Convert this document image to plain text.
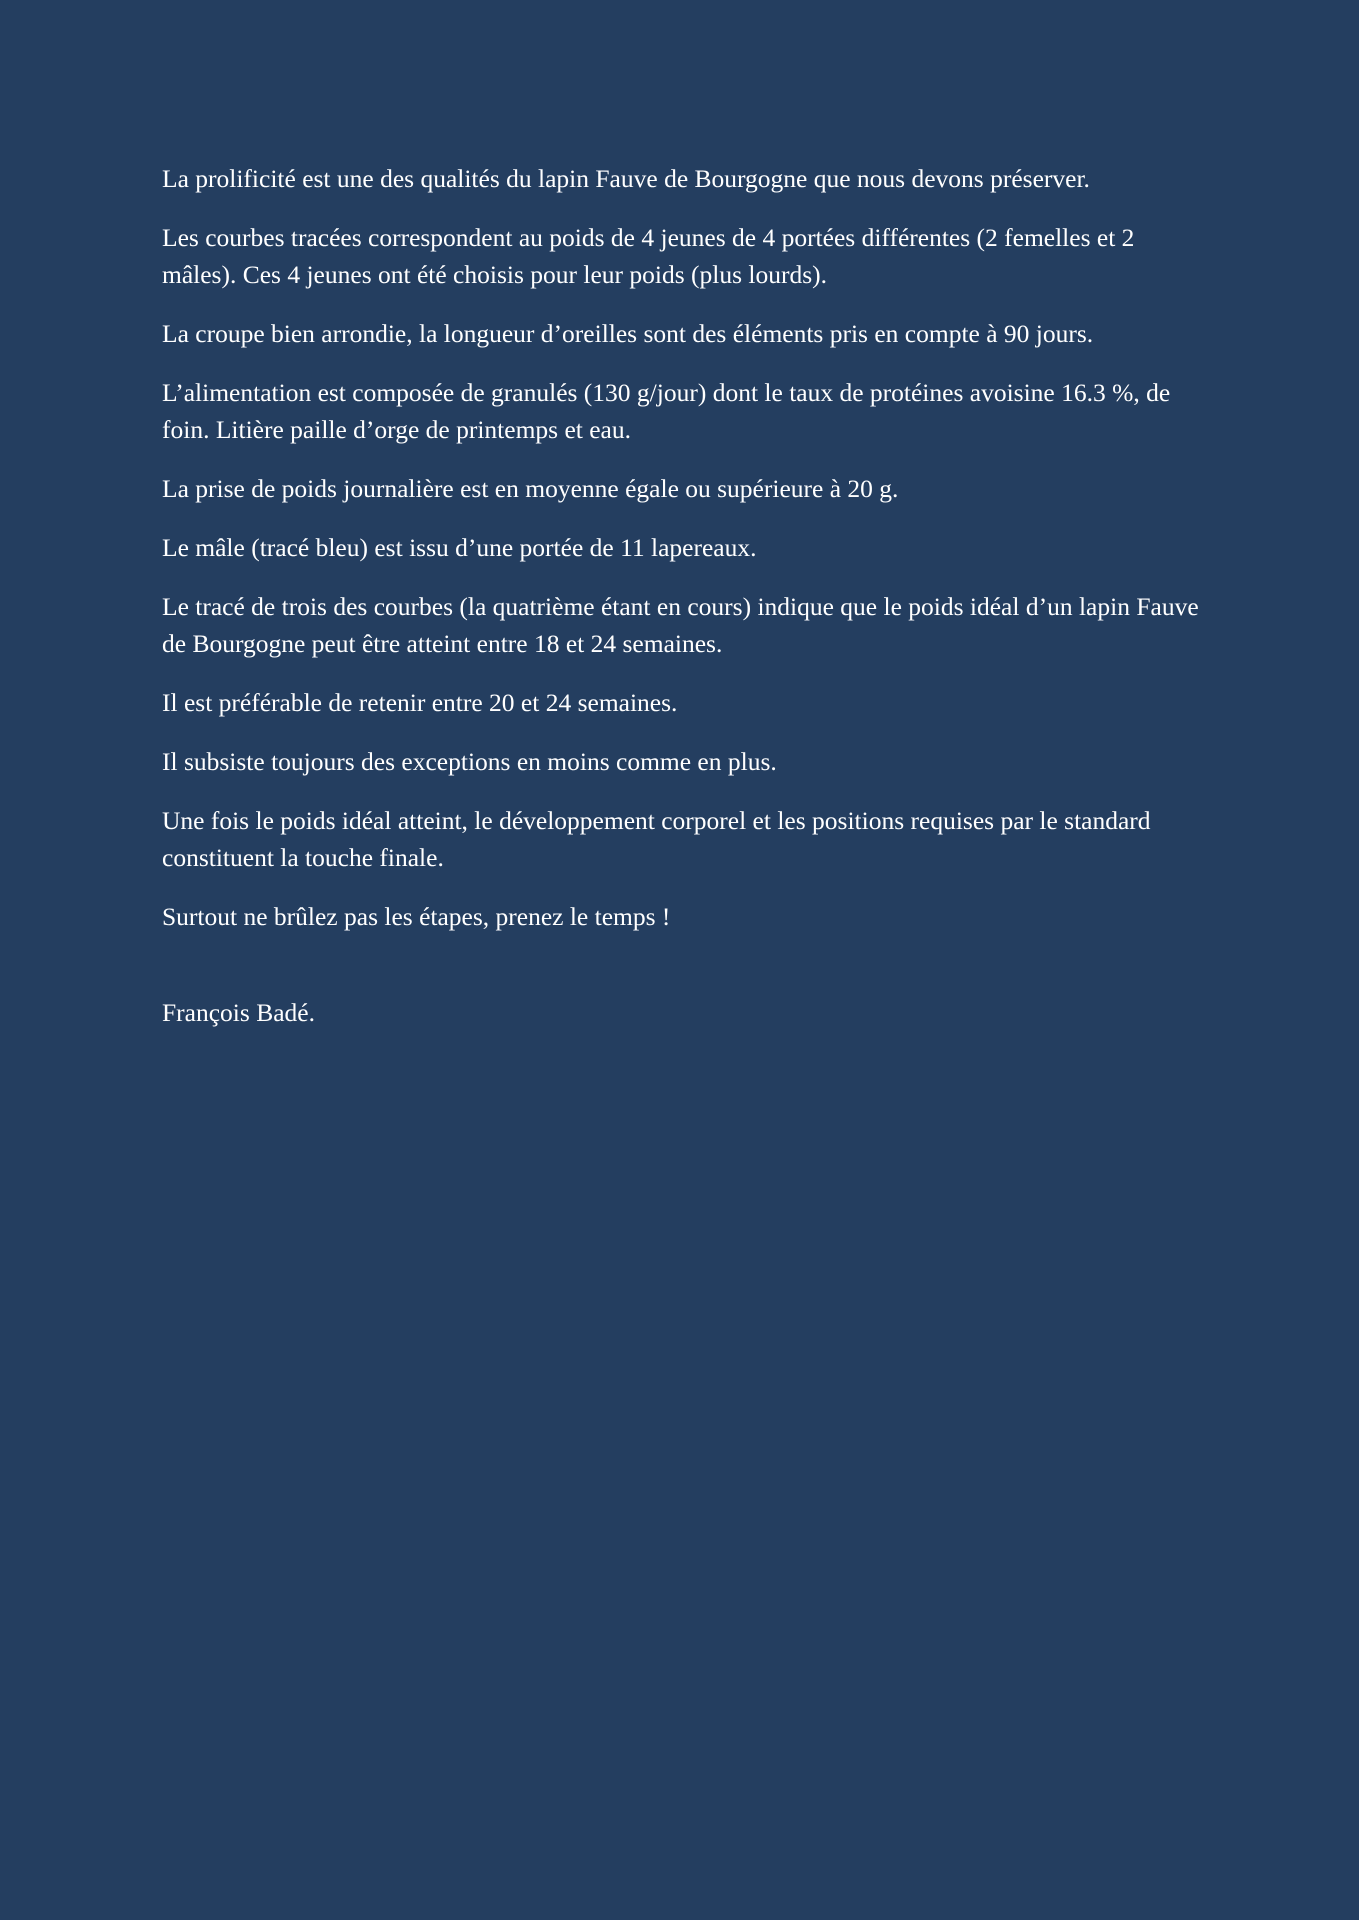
La prolificité est une des qualités du lapin Fauve de Bourgogne que nous devons préserver.

Les courbes tracées correspondent au poids de 4 jeunes de 4 portées différentes (2 femelles et 2 mâles). Ces 4 jeunes ont été choisis pour leur poids (plus lourds).

La croupe bien arrondie, la longueur d’oreilles sont des éléments pris en compte à 90 jours.

L’alimentation est composée de granulés (130 g/jour) dont le taux de protéines avoisine 16.3 %, de foin. Litière paille d’orge de printemps et eau.

La prise de poids journalière est en moyenne égale ou supérieure à 20 g.

Le mâle (tracé bleu) est issu d’une portée de 11 lapereaux.

Le tracé de trois des courbes (la quatrième étant en cours) indique que le poids idéal d’un lapin Fauve de Bourgogne peut être atteint entre 18 et 24 semaines.

Il est préférable de retenir entre 20 et 24 semaines.

Il subsiste toujours des exceptions en moins comme en plus.

Une fois le poids idéal atteint, le développement corporel et les positions requises par le standard constituent la touche finale.

Surtout ne brûlez pas les étapes, prenez le temps !

François Badé.
